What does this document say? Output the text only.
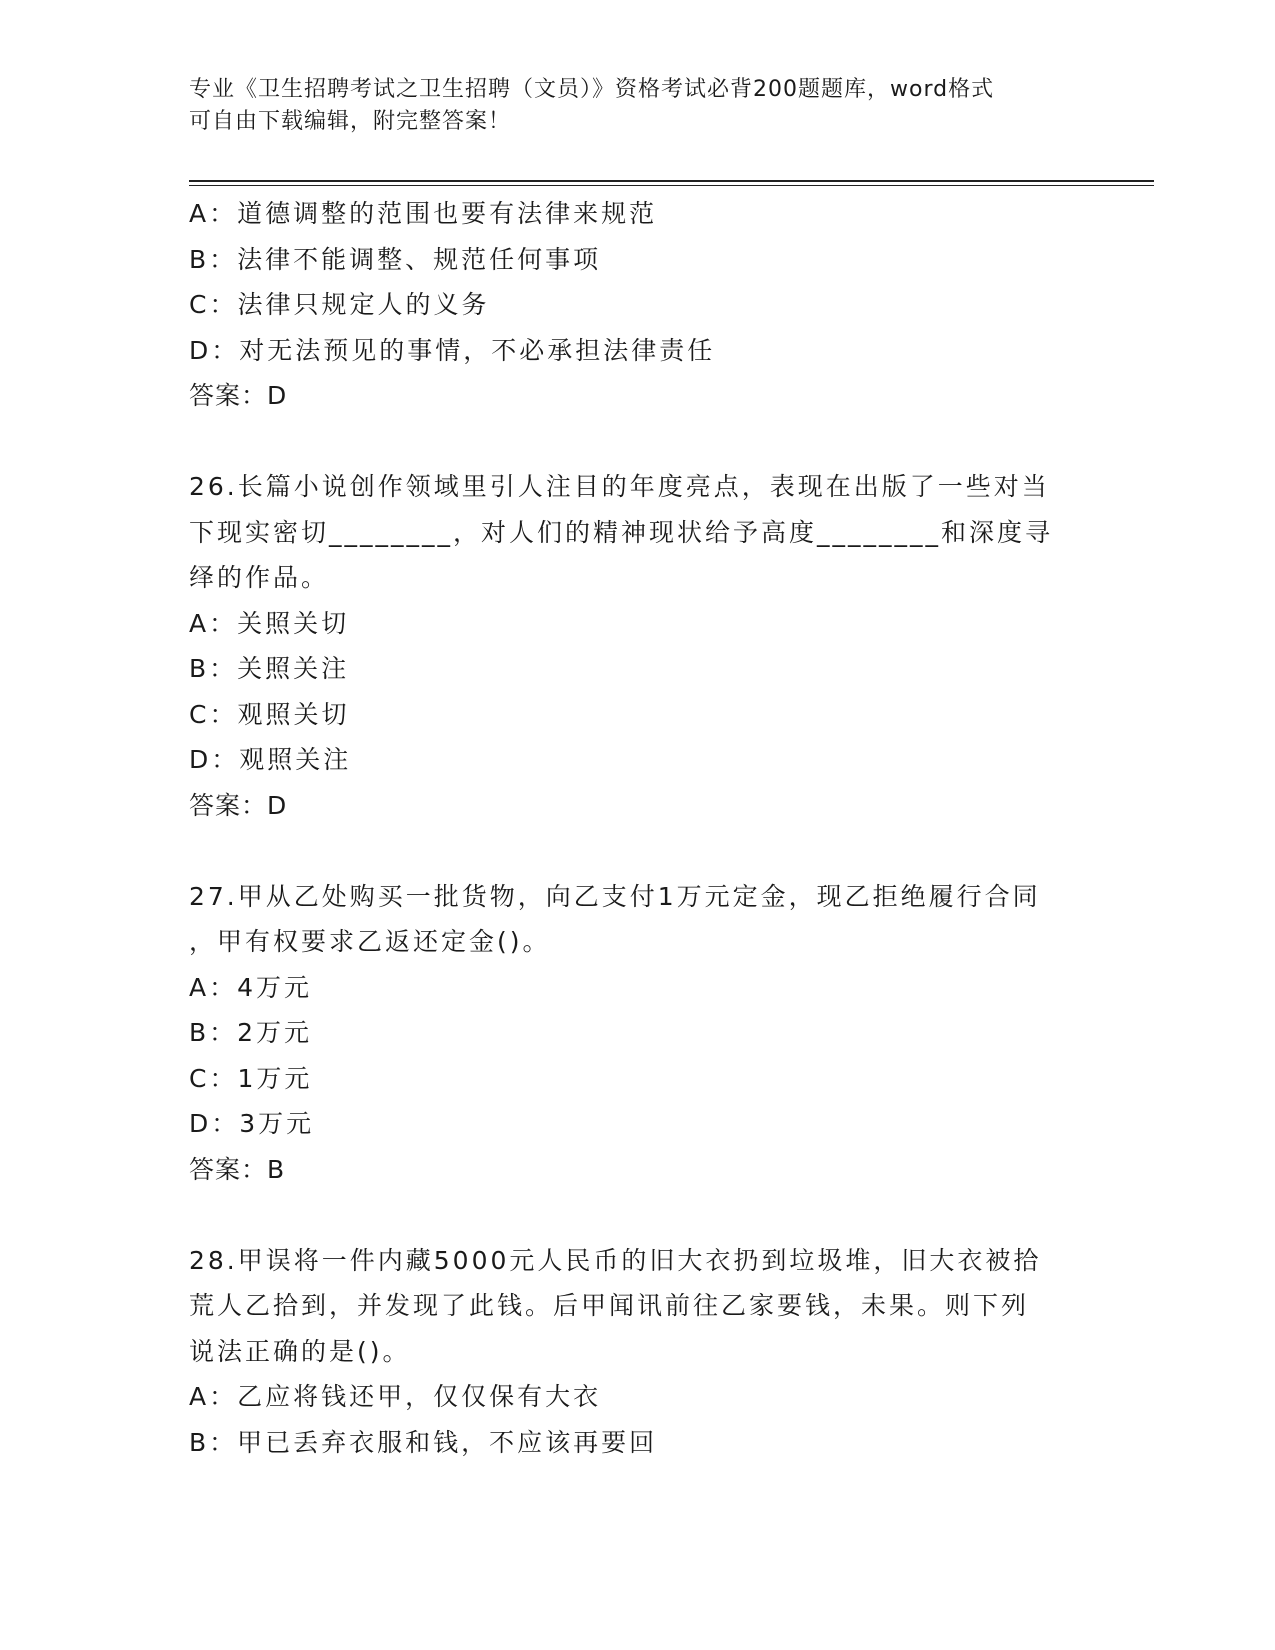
专业《卫生招聘考试之卫生招聘（文员）》资格考试必背200题题库，word格式
可自由下载编辑，附完整答案！
A：道德调整的范围也要有法律来规范
B：法律不能调整、规范任何事项
C：法律只规定人的义务
D：对无法预见的事情，不必承担法律责任
答案：D
26.长篇小说创作领域里引人注目的年度亮点，表现在出版了一些对当
下现实密切________，对人们的精神现状给予高度________和深度寻
绎的作品。
A：关照关切
B：关照关注
C：观照关切
D：观照关注
答案：D
27.甲从乙处购买一批货物，向乙支付1万元定金，现乙拒绝履行合同
，甲有权要求乙返还定金()。
A：4万元
B：2万元
C：1万元
D：3万元
答案：B
28.甲误将一件内藏5000元人民币的旧大衣扔到垃圾堆，旧大衣被拾
荒人乙拾到，并发现了此钱。后甲闻讯前往乙家要钱，未果。则下列
说法正确的是()。
A：乙应将钱还甲，仅仅保有大衣
B：甲已丢弃衣服和钱，不应该再要回
